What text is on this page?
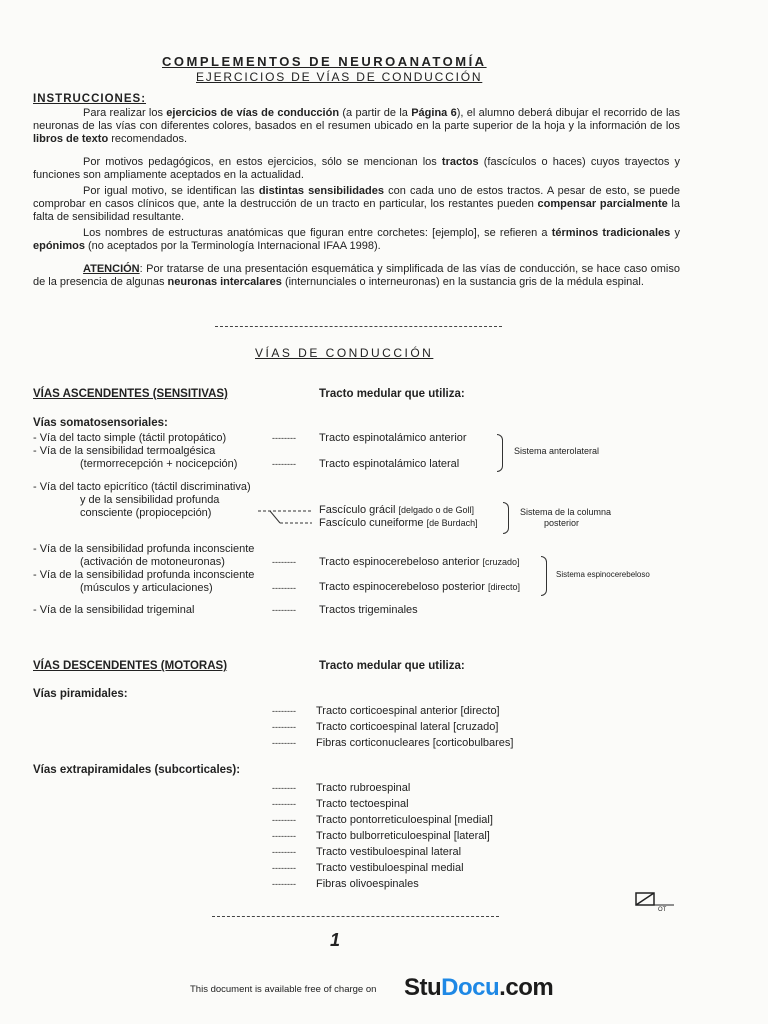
COMPLEMENTOS DE NEUROANATOMÍA
EJERCICIOS DE VÍAS DE CONDUCCIÓN
INSTRUCCIONES:
Para realizar los ejercicios de vías de conducción (a partir de la Página 6), el alumno deberá dibujar el recorrido de las neuronas de las vías con diferentes colores, basados en el resumen ubicado en la parte superior de la hoja y la información de los libros de texto recomendados.
Por motivos pedagógicos, en estos ejercicios, sólo se mencionan los tractos (fascículos o haces) cuyos trayectos y funciones son ampliamente aceptados en la actualidad.
Por igual motivo, se identifican las distintas sensibilidades con cada uno de estos tractos. A pesar de esto, se puede comprobar en casos clínicos que, ante la destrucción de un tracto en particular, los restantes pueden compensar parcialmente la falta de sensibilidad resultante.
Los nombres de estructuras anatómicas que figuran entre corchetes: [ejemplo], se refieren a términos tradicionales y epónimos (no aceptados por la Terminología Internacional IFAA 1998).
ATENCIÓN: Por tratarse de una presentación esquemática y simplificada de las vías de conducción, se hace caso omiso de la presencia de algunas neuronas intercalares (internunciales o interneuronas) en la sustancia gris de la médula espinal.
VÍAS DE CONDUCCIÓN
VÍAS ASCENDENTES (SENSITIVAS)	Tracto medular que utiliza:
Vías somatosensoriales:
- Vía del tacto simple (táctil protopático)	-------- Tracto espinotalámico anterior
- Vía de la sensibilidad termoalgésica
(termorrecepción + nocicepción)	-------- Tracto espinotalámico lateral
Sistema anterolateral
- Vía del tacto epicrítico (táctil discriminativa)
y de la sensibilidad profunda
consciente (propiocepción)	Fascículo grácil [delgado o de Goll]
Fascículo cuneiforme [de Burdach]
Sistema de la columna
posterior
- Vía de la sensibilidad profunda inconsciente
(activación de motoneuronas)	-------- Tracto espinocerebeloso anterior [cruzado]
- Vía de la sensibilidad profunda inconsciente
(músculos y articulaciones)	-------- Tracto espinocerebeloso posterior [directo]
Sistema espinocerebeloso
- Vía de la sensibilidad trigeminal	-------- Tractos trigeminales
VÍAS DESCENDENTES (MOTORAS)	Tracto medular que utiliza:
Vías piramidales:
-------- Tracto corticoespinal anterior [directo]
-------- Tracto corticoespinal lateral [cruzado]
-------- Fibras corticonucleares [corticobulbares]
Vías extrapiramidales (subcorticales):
-------- Tracto rubroespinal
-------- Tracto tectoespinal
-------- Tracto pontorreticuloespinal [medial]
-------- Tracto bulborreticuloespinal [lateral]
-------- Tracto vestibuloespinal lateral
-------- Tracto vestibuloespinal medial
-------- Fibras olivoespinales
OT
1
This document is available free of charge on StuDocu.com
